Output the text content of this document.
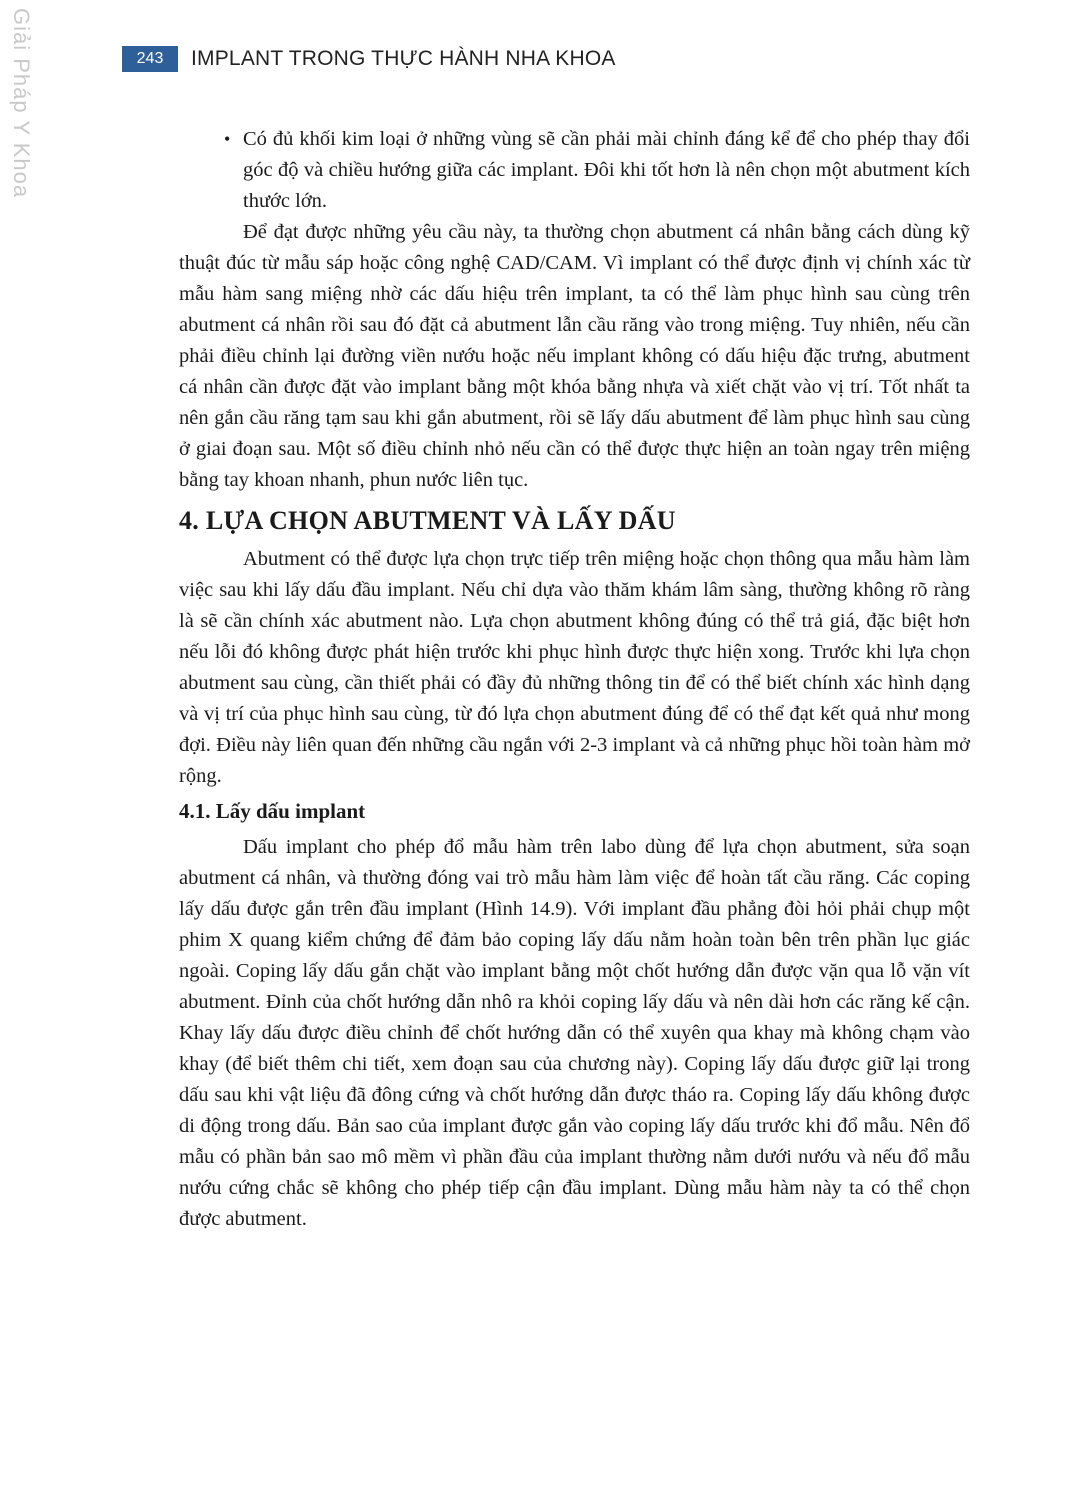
Giải Pháp Y Khoa	243	IMPLANT TRONG THỰC HÀNH NHA KHOA

• Có đủ khối kim loại ở những vùng sẽ cần phải mài chỉnh đáng kể để cho phép thay đổi góc độ và chiều hướng giữa các implant. Đôi khi tốt hơn là nên chọn một abutment kích thước lớn.

Để đạt được những yêu cầu này, ta thường chọn abutment cá nhân bằng cách dùng kỹ thuật đúc từ mẫu sáp hoặc công nghệ CAD/CAM. Vì implant có thể được định vị chính xác từ mẫu hàm sang miệng nhờ các dấu hiệu trên implant, ta có thể làm phục hình sau cùng trên abutment cá nhân rồi sau đó đặt cả abutment lẫn cầu răng vào trong miệng. Tuy nhiên, nếu cần phải điều chỉnh lại đường viền nướu hoặc nếu implant không có dấu hiệu đặc trưng, abutment cá nhân cần được đặt vào implant bằng một khóa bằng nhựa và xiết chặt vào vị trí. Tốt nhất ta nên gắn cầu răng tạm sau khi gắn abutment, rồi sẽ lấy dấu abutment để làm phục hình sau cùng ở giai đoạn sau. Một số điều chỉnh nhỏ nếu cần có thể được thực hiện an toàn ngay trên miệng bằng tay khoan nhanh, phun nước liên tục.

4. LỰA CHỌN ABUTMENT VÀ LẤY DẤU

Abutment có thể được lựa chọn trực tiếp trên miệng hoặc chọn thông qua mẫu hàm làm việc sau khi lấy dấu đầu implant. Nếu chỉ dựa vào thăm khám lâm sàng, thường không rõ ràng là sẽ cần chính xác abutment nào. Lựa chọn abutment không đúng có thể trả giá, đặc biệt hơn nếu lỗi đó không được phát hiện trước khi phục hình được thực hiện xong. Trước khi lựa chọn abutment sau cùng, cần thiết phải có đầy đủ những thông tin để có thể biết chính xác hình dạng và vị trí của phục hình sau cùng, từ đó lựa chọn abutment đúng để có thể đạt kết quả như mong đợi. Điều này liên quan đến những cầu ngắn với 2-3 implant và cả những phục hồi toàn hàm mở rộng.

4.1. Lấy dấu implant

Dấu implant cho phép đổ mẫu hàm trên labo dùng để lựa chọn abutment, sửa soạn abutment cá nhân, và thường đóng vai trò mẫu hàm làm việc để hoàn tất cầu răng. Các coping lấy dấu được gắn trên đầu implant (Hình 14.9). Với implant đầu phẳng đòi hỏi phải chụp một phim X quang kiểm chứng để đảm bảo coping lấy dấu nằm hoàn toàn bên trên phần lục giác ngoài. Coping lấy dấu gắn chặt vào implant bằng một chốt hướng dẫn được vặn qua lỗ vặn vít abutment. Đỉnh của chốt hướng dẫn nhô ra khỏi coping lấy dấu và nên dài hơn các răng kế cận. Khay lấy dấu được điều chỉnh để chốt hướng dẫn có thể xuyên qua khay mà không chạm vào khay (để biết thêm chi tiết, xem đoạn sau của chương này). Coping lấy dấu được giữ lại trong dấu sau khi vật liệu đã đông cứng và chốt hướng dẫn được tháo ra. Coping lấy dấu không được di động trong dấu. Bản sao của implant được gắn vào coping lấy dấu trước khi đổ mẫu. Nên đổ mẫu có phần bản sao mô mềm vì phần đầu của implant thường nằm dưới nướu và nếu đổ mẫu nướu cứng chắc sẽ không cho phép tiếp cận đầu implant. Dùng mẫu hàm này ta có thể chọn được abutment.
